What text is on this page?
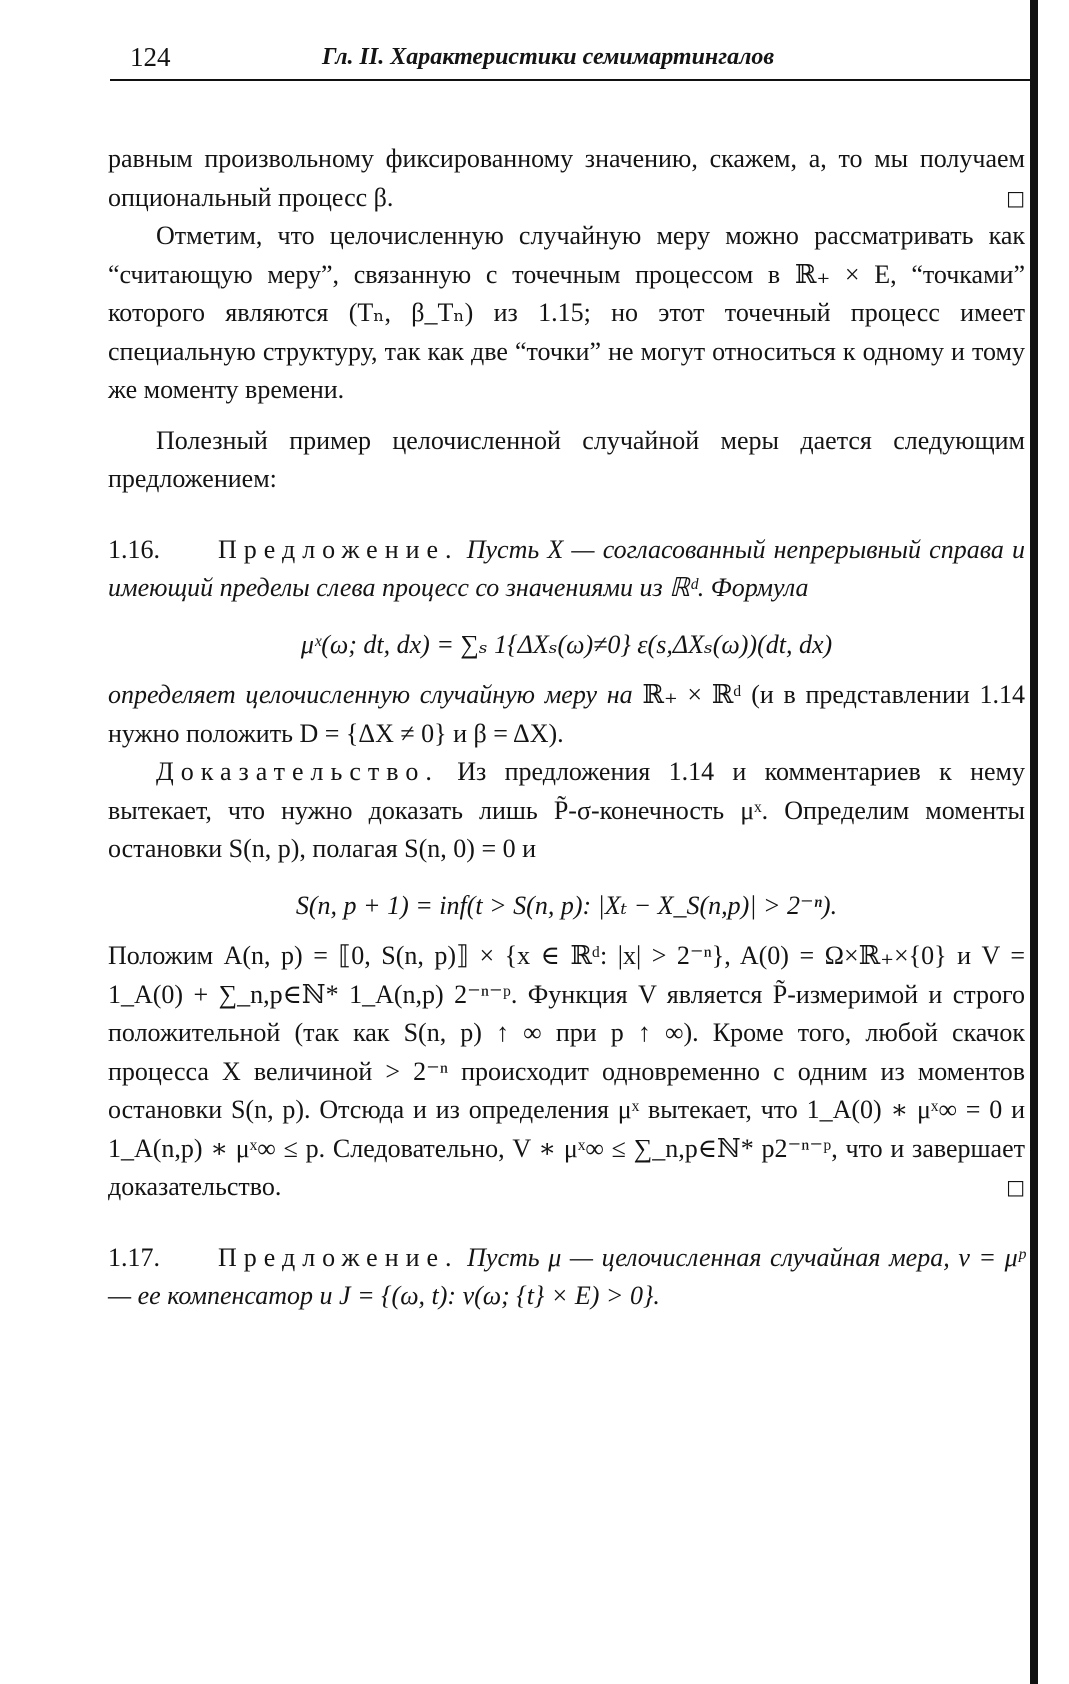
124	Гл. II. Характеристики семимартингалов

равным произвольному фиксированному значению, скажем, a, то мы получаем опциональный процесс β.	□

Отметим, что целочисленную случайную меру можно рассматривать как “считающую меру”, связанную с точечным процессом в ℝ₊ × E, “точками” которого являются (Tₙ, β_Tₙ) из 1.15; но этот точечный процесс имеет специальную структуру, так как две “точки” не могут относиться к одному и тому же моменту времени.

Полезный пример целочисленной случайной меры дается следующим предложением:

1.16. Предложение. Пусть X — согласованный непрерывный справа и имеющий пределы слева процесс со значениями из ℝᵈ. Формула

μˣ(ω; dt, dx) = ∑ₛ 1{ΔXₛ(ω)≠0} ε(s,ΔXₛ(ω))(dt, dx)

определяет целочисленную случайную меру на ℝ₊ × ℝᵈ (и в представлении 1.14 нужно положить D = {ΔX ≠ 0} и β = ΔX).

Доказательство. Из предложения 1.14 и комментариев к нему вытекает, что нужно доказать лишь P̃-σ-конечность μˣ. Определим моменты остановки S(n, p), полагая S(n, 0) = 0 и

S(n, p + 1) = inf(t > S(n, p): |Xₜ − X_S(n,p)| > 2⁻ⁿ).

Положим A(n, p) = ⟦0, S(n, p)⟧ × {x ∈ ℝᵈ: |x| > 2⁻ⁿ}, A(0) = Ω×ℝ₊×{0} и V = 1_A(0) + ∑_n,p∈ℕ* 1_A(n,p) 2⁻ⁿ⁻ᵖ. Функция V является P̃-измеримой и строго положительной (так как S(n, p) ↑ ∞ при p ↑ ∞). Кроме того, любой скачок процесса X величиной > 2⁻ⁿ происходит одновременно с одним из моментов остановки S(n, p). Отсюда и из определения μˣ вытекает, что 1_A(0) ∗ μˣ∞ = 0 и 1_A(n,p) ∗ μˣ∞ ≤ p. Следовательно, V ∗ μˣ∞ ≤ ∑_n,p∈ℕ* p2⁻ⁿ⁻ᵖ, что и завершает доказательство.	□

1.17. Предложение. Пусть μ — целочисленная случайная мера, ν = μᵖ — ее компенсатор и J = {(ω, t): ν(ω; {t} × E) > 0}.
